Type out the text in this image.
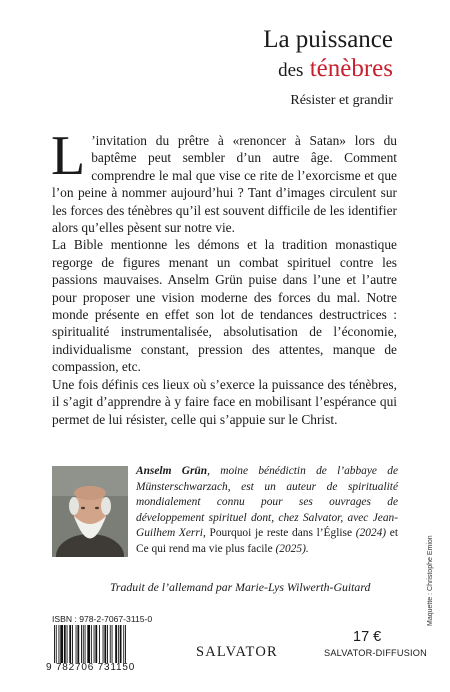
La puissance
des ténèbres
Résister et grandir

L ’invitation du prêtre à «renoncer à Satan» lors du baptême peut sembler d’un autre âge. Comment comprendre le mal que vise ce rite de l’exorcisme et que l’on peine à nommer aujourd’hui ? Tant d’images circulent sur les forces des ténèbres qu’il est souvent difficile de les identifier alors qu’elles pèsent sur notre vie.

La Bible mentionne les démons et la tradition monastique regorge de figures menant un combat spirituel contre les passions mauvaises. Anselm Grün puise dans l’une et l’autre pour proposer une vision moderne des forces du mal. Notre monde présente en effet son lot de tendances destructrices : spiritualité instrumentalisée, absolutisation de l’économie, individualisme constant, pression des attentes, manque de compassion, etc.

Une fois définis ces lieux où s’exerce la puissance des ténèbres, il s’agit d’apprendre à y faire face en mobilisant l’espérance qui permet de lui résister, celle qui s’appuie sur le Christ.

Anselm Grün, moine bénédictin de l’abbaye de Münsterschwarzach, est un auteur de spiritualité mondialement connu pour ses ouvrages de développement spirituel dont, chez Salvator, avec Jean-Guilhem Xerri, Pourquoi je reste dans l’Église (2024) et Ce qui rend ma vie plus facile (2025).
Traduit de l’allemand par Marie-Lys Wilwerth-Guitard
ISBN : 978-2-7067-3115-0
9 782706 731150
SALVATOR
17 €
SALVATOR-DIFFUSION
Maquette : Christophe Emion
